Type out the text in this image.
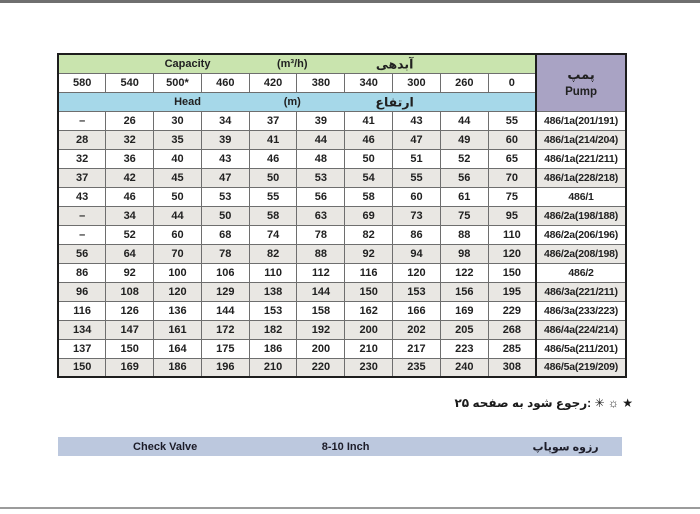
Capacity	(m³/h)	آبدهی

پمپ
Pump

580	540	500*	460	420	380	340	300	260	0	

Head (m) ارتفاع										

–	26	30	34	37	39	41	43	44	55	486/1a(201/191)
28	32	35	39	41	44	46	47	49	60	486/1a(214/204)
32	36	40	43	46	48	50	51	52	65	486/1a(221/211)
37	42	45	47	50	53	54	55	56	70	486/1a(228/218)
43	46	50	53	55	56	58	60	61	75	486/1
–	34	44	50	58	63	69	73	75	95	486/2a(198/188)
–	52	60	68	74	78	82	86	88	110	486/2a(206/196)
56	64	70	78	82	88	92	94	98	120	486/2a(208/198)
86	92	100	106	110	112	116	120	122	150	486/2
96	108	120	129	138	144	150	153	156	195	486/3a(221/211)
116	126	136	144	153	158	162	166	169	229	486/3a(233/223)
134	147	161	172	182	192	200	202	205	268	486/4a(224/214)
137	150	164	175	186	200	210	217	223	285	486/5a(211/201)
150	169	186	196	210	220	230	235	240	308	486/5a(219/209)
★ ☼ ✳ :رجوع شود به صفحه ۲۵
Check Valve	8-10 Inch	رزوه سوپاپ
